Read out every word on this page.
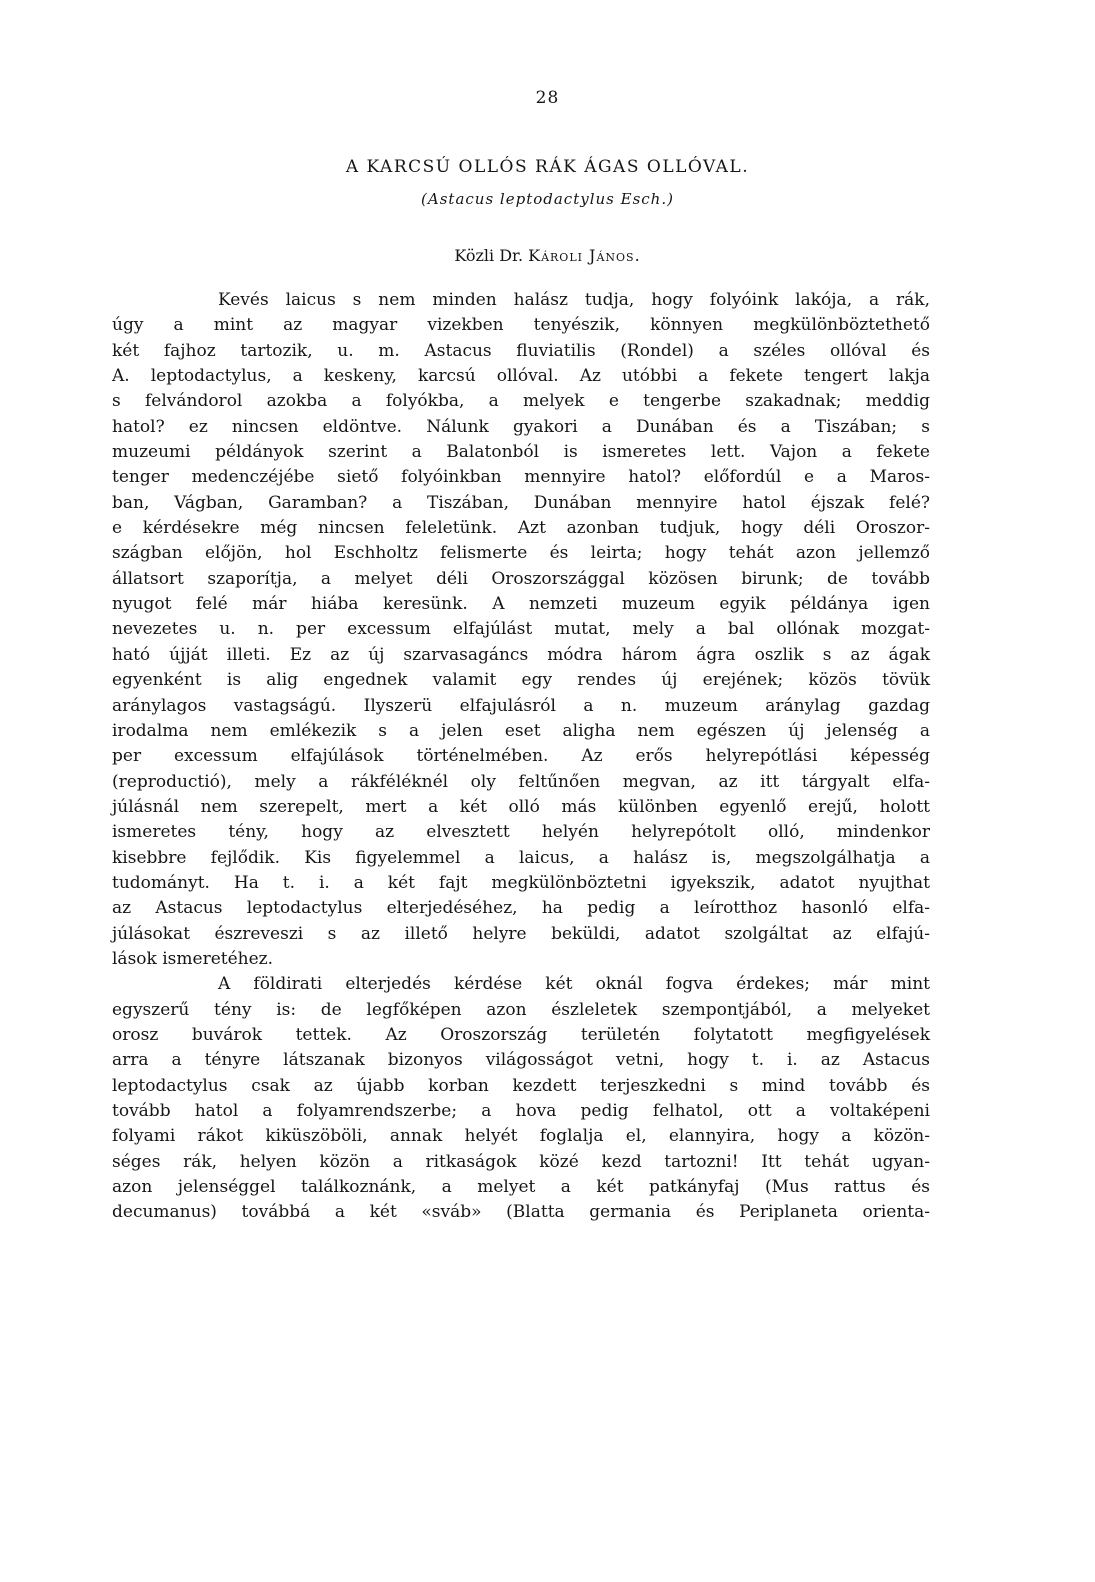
28
A KARCSÚ OLLÓS RÁK ÁGAS OLLÓVAL.
(Astacus leptodactylus Esch.)
Közli Dr. Károli János.

Kevés laicus s nem minden halász tudja, hogy folyóink lakója, a rák,
úgy a mint az magyar vizekben tenyészik, könnyen megkülönböztethető
két fajhoz tartozik, u. m. Astacus fluviatilis (Rondel) a széles ollóval és
A. leptodactylus, a keskeny, karcsú ollóval. Az utóbbi a fekete tengert lakja
s felvándorol azokba a folyókba, a melyek e tengerbe szakadnak; meddig
hatol? ez nincsen eldöntve. Nálunk gyakori a Dunában és a Tiszában; s
muzeumi példányok szerint a Balatonból is ismeretes lett. Vajon a fekete
tenger medenczéjébe siető folyóinkban mennyire hatol? előfordúl e a Maros-
ban, Vágban, Garamban? a Tiszában, Dunában mennyire hatol éjszak felé?
e kérdésekre még nincsen feleletünk. Azt azonban tudjuk, hogy déli Oroszor-
szágban előjön, hol Eschholtz felismerte és leirta; hogy tehát azon jellemző
állatsort szaporítja, a melyet déli Oroszországgal közösen birunk; de tovább
nyugot felé már hiába keresünk. A nemzeti muzeum egyik példánya igen
nevezetes u. n. per excessum elfajúlást mutat, mely a bal ollónak mozgat-
ható újját illeti. Ez az új szarvasagáncs módra három ágra oszlik s az ágak
egyenként is alig engednek valamit egy rendes új erejének; közös tövük
aránylagos vastagságú. Ilyszerü elfajulásról a n. muzeum aránylag gazdag
irodalma nem emlékezik s a jelen eset aligha nem egészen új jelenség a
per excessum elfajúlások történelmében. Az erős helyrepótlási képesség
(reproductió), mely a rákféléknél oly feltűnően megvan, az itt tárgyalt elfa-
júlásnál nem szerepelt, mert a két olló más különben egyenlő erejű, holott
ismeretes tény, hogy az elvesztett helyén helyrepótolt olló, mindenkor
kisebbre fejlődik. Kis figyelemmel a laicus, a halász is, megszolgálhatja a
tudományt. Ha t. i. a két fajt megkülönböztetni igyekszik, adatot nyujthat
az Astacus leptodactylus elterjedéséhez, ha pedig a leírotthoz hasonló elfa-
júlásokat észreveszi s az illető helyre beküldi, adatot szolgáltat az elfajú-
lások ismeretéhez.

A földirati elterjedés kérdése két oknál fogva érdekes; már mint
egyszerű tény is: de legfőképen azon észleletek szempontjából, a melyeket
orosz buvárok tettek. Az Oroszország területén folytatott megfigyelések
arra a tényre látszanak bizonyos világosságot vetni, hogy t. i. az Astacus
leptodactylus csak az újabb korban kezdett terjeszkedni s mind tovább és
tovább hatol a folyamrendszerbe; a hova pedig felhatol, ott a voltaképeni
folyami rákot kiküszöböli, annak helyét foglalja el, elannyira, hogy a közön-
séges rák, helyen közön a ritkaságok közé kezd tartozni! Itt tehát ugyan-
azon jelenséggel találkoznánk, a melyet a két patkányfaj (Mus rattus és
decumanus) továbbá a két «sváb» (Blatta germania és Periplaneta orienta-
